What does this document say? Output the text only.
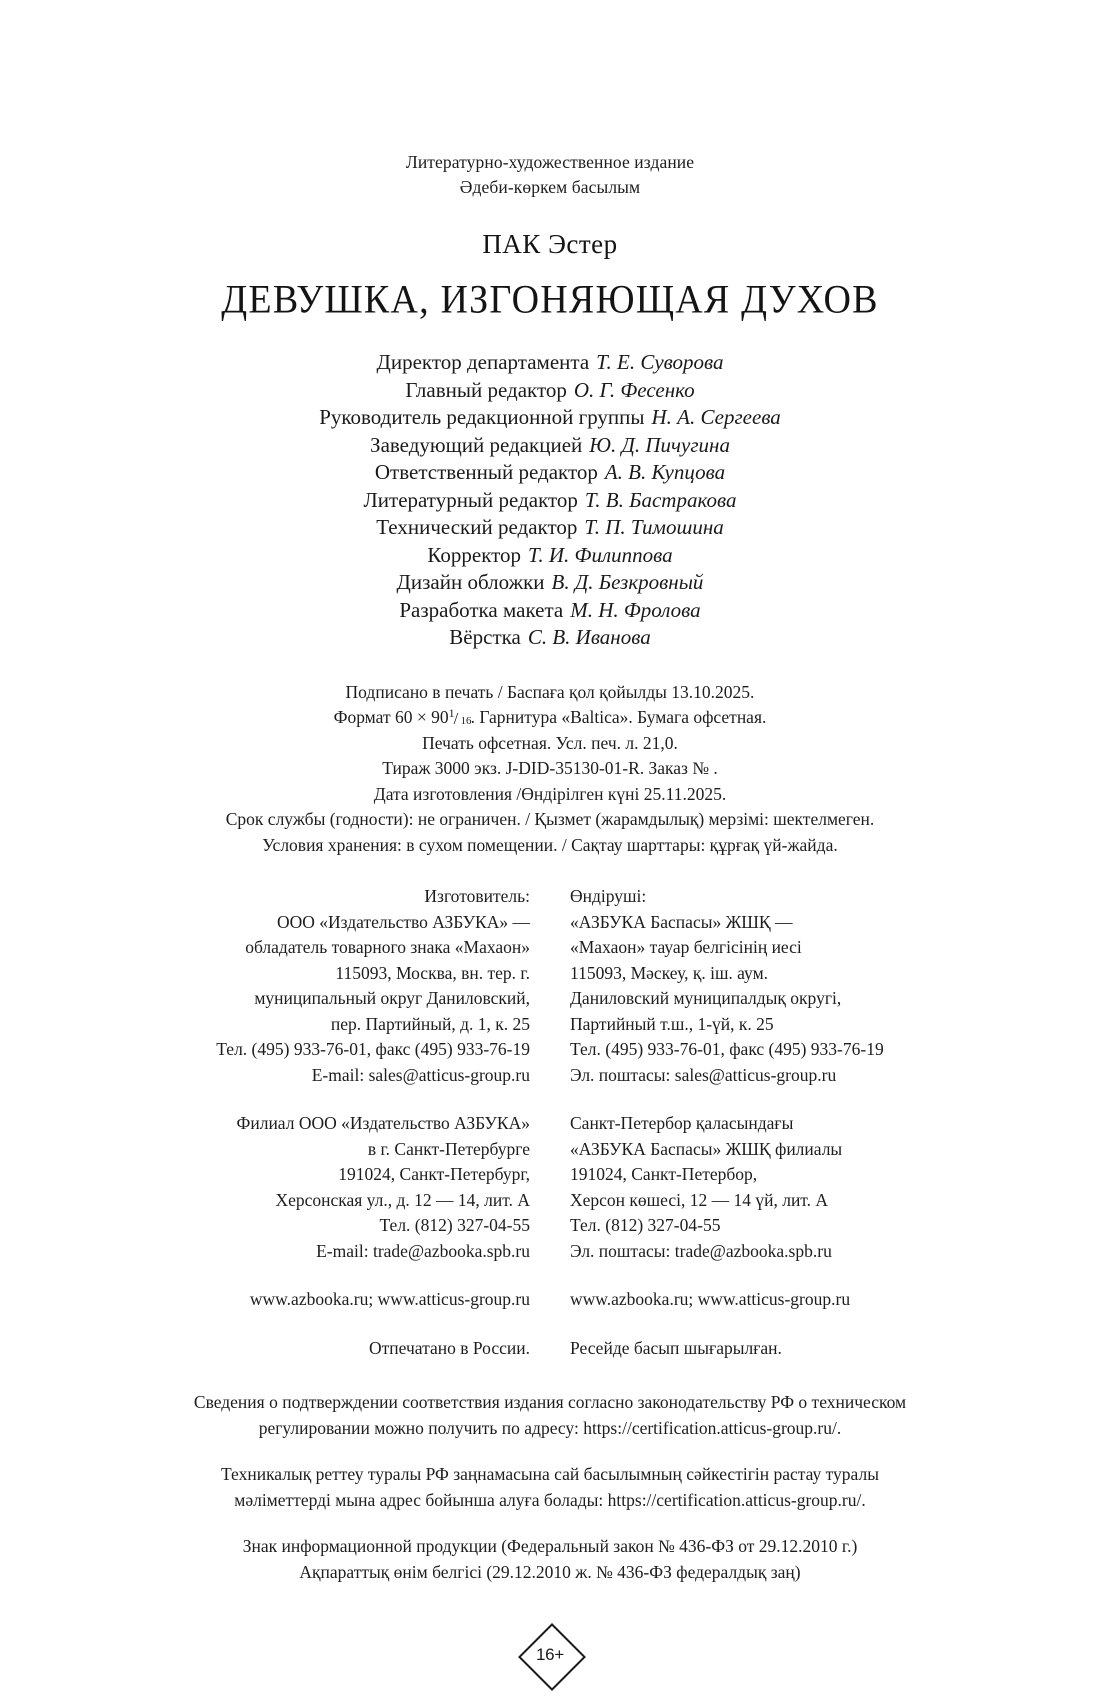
Литературно-художественное издание
Әдеби-көркем басылым
ПАК Эстер
ДЕВУШКА, ИЗГОНЯЮЩАЯ ДУХОВ
Директор департамента Т. Е. Суворова
Главный редактор О. Г. Фесенко
Руководитель редакционной группы Н. А. Сергеева
Заведующий редакцией Ю. Д. Пичугина
Ответственный редактор А. В. Купцова
Литературный редактор Т. В. Бастракова
Технический редактор Т. П. Тимошина
Корректор Т. И. Филиппова
Дизайн обложки В. Д. Безкровный
Разработка макета М. Н. Фролова
Вёрстка С. В. Иванова
Подписано в печать / Баспаға қол қойылды 13.10.2025.
Формат 60 × 90 1 / 16 . Гарнитура «Baltica». Бумага офсетная.
Печать офсетная. Усл. печ. л. 21,0.
Тираж 3000 экз. J-DID-35130-01-R. Заказ № .
Дата изготовления /Өндірілген күні 25.11.2025.
Срок службы (годности): не ограничен. / Қызмет (жарамдылық) мерзімі: шектелмеген.
Условия хранения: в сухом помещении. / Сақтау шарттары: құрғақ үй-жайда.
Изготовитель:
ООО «Издательство АЗБУКА» —
обладатель товарного знака «Махаон»
115093, Москва, вн. тер. г.
муниципальный округ Даниловский,
пер. Партийный, д. 1, к. 25
Тел. (495) 933-76-01, факс (495) 933-76-19
E-mail: sales@atticus-group.ru
Филиал ООО «Издательство АЗБУКА»
в г. Санкт-Петербурге
191024, Санкт-Петербург,
Херсонская ул., д. 12 — 14, лит. А
Тел. (812) 327-04-55
E-mail: trade@azbooka.spb.ru
www.azbooka.ru; www.atticus-group.ru
Отпечатано в России.
Өндіруші:
«АЗБУКА Баспасы» ЖШҚ —
«Махаон» тауар белгісінің иесі
115093, Мәскеу, қ. іш. аум.
Даниловский муниципалдық округі,
Партийный т.ш., 1-үй, к. 25
Тел. (495) 933-76-01, факс (495) 933-76-19
Эл. поштасы: sales@atticus-group.ru
Санкт-Петербор қаласындағы
«АЗБУКА Баспасы» ЖШҚ филиалы
191024, Санкт-Петербор,
Херсон көшесі, 12 — 14 үй, лит. А
Тел. (812) 327-04-55
Эл. поштасы: trade@azbooka.spb.ru
www.azbooka.ru; www.atticus-group.ru
Ресейде басып шығарылған.

Сведения о подтверждении соответствия издания согласно законодательству РФ о техническом
регулировании можно получить по адресу: https://certification.atticus-group.ru/.

Техникалық реттеу туралы РФ заңнамасына сай басылымның сәйкестігін растау туралы
мәліметтерді мына адрес бойынша алуға болады: https://certification.atticus-group.ru/.

Знак информационной продукции (Федеральный закон № 436-ФЗ от 29.12.2010 г.)
Ақпараттық өнім белгісі (29.12.2010 ж. № 436-ФЗ федералдық заң)

16+
